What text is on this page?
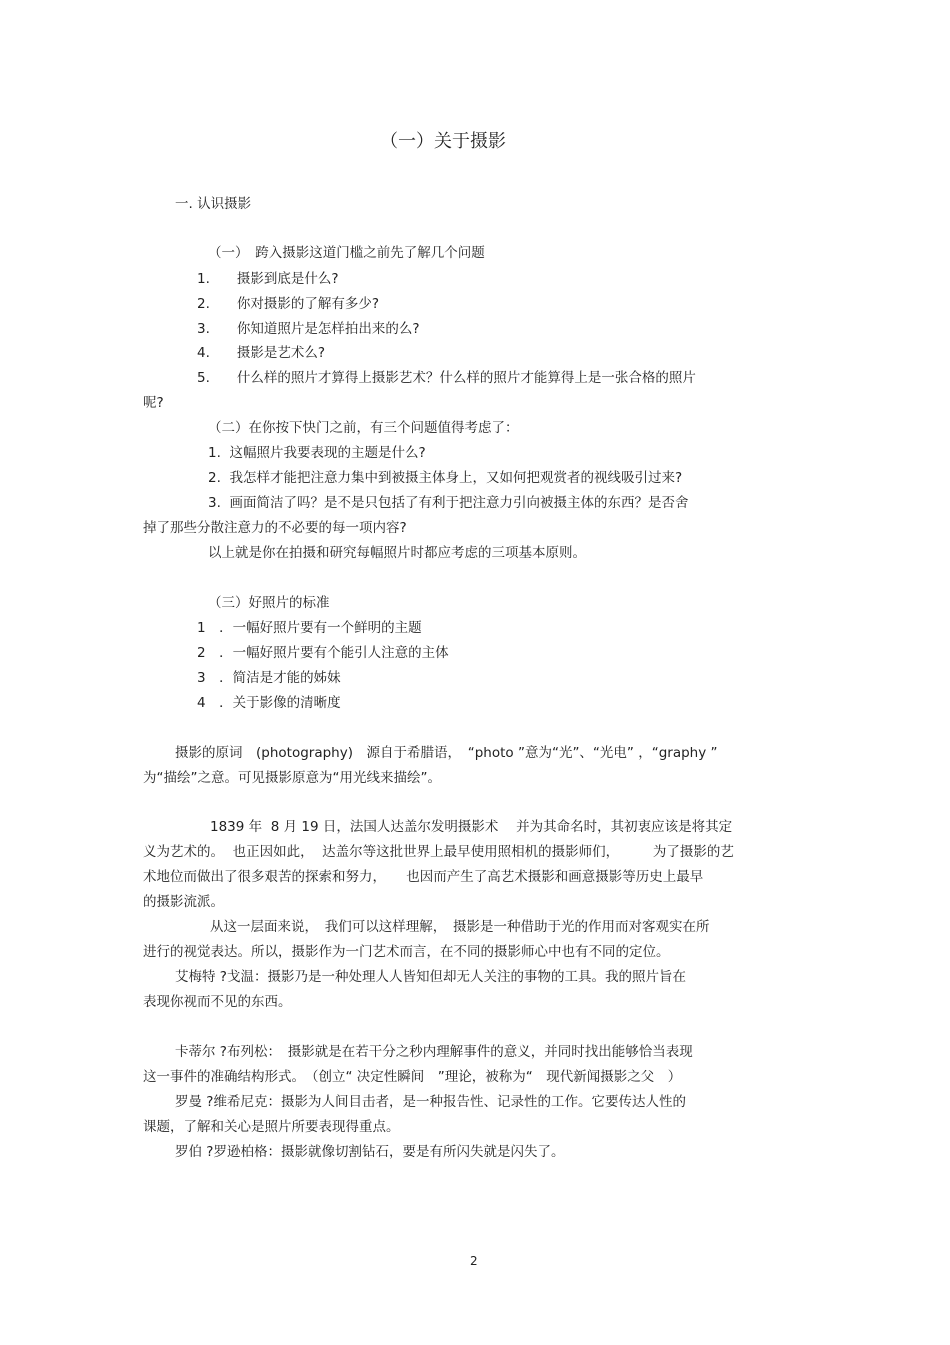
（一）关于摄影
一. 认识摄影
（一）　跨入摄影这道门槛之前先了解几个问题
1.　　摄影到底是什么?
2.　　你对摄影的了解有多少?
3.　　你知道照片是怎样拍出来的么?
4.　　摄影是艺术么?
5.　　什么样的照片才算得上摄影艺术？什么样的照片才能算得上是一张合格的照片
呢?
（二）在你按下快门之前，有三个问题值得考虑了：
1.  这幅照片我要表现的主题是什么?
2.  我怎样才能把注意力集中到被摄主体身上，又如何把观赏者的视线吸引过来?
3.  画面简洁了吗？是不是只包括了有利于把注意力引向被摄主体的东西？是否舍
掉了那些分散注意力的不必要的每一项内容?
以上就是你在拍摄和研究每幅照片时都应考虑的三项基本原则。
（三）好照片的标准
1　．一幅好照片要有一个鲜明的主题
2　．一幅好照片要有个能引人注意的主体
3　．简洁是才能的姊妹
4　．关于影像的清晰度
摄影的原词　(photography)　源自于希腊语，　“photo ”意为“光”、“光电” ，“graphy ”
为“描绘”之意。可见摄影原意为“用光线来描绘”。
1839 年  8 月 19 日，法国人达盖尔发明摄影术　 并为其命名时，其初衷应该是将其定
义为艺术的。  也正因如此，  达盖尔等这批世界上最早使用照相机的摄影师们，　　　为了摄影的艺
术地位而做出了很多艰苦的探索和努力，　　也因而产生了高艺术摄影和画意摄影等历史上最早
的摄影流派。
从这一层面来说，　我们可以这样理解，　摄影是一种借助于光的作用而对客观实在所
进行的视觉表达。所以，摄影作为一门艺术而言，在不同的摄影师心中也有不同的定位。
艾梅特 ?戈温：摄影乃是一种处理人人皆知但却无人关注的事物的工具。我的照片旨在
表现你视而不见的东西。
卡蒂尔 ?布列松：　摄影就是在若干分之秒内理解事件的意义，并同时找出能够恰当表现
这一事件的准确结构形式。　（创立“ 决定性瞬间　”理论，被称为“　现代新闻摄影之父　）
罗曼 ?维希尼克：摄影为人间目击者，是一种报告性、记录性的工作。它要传达人性的
课题，了解和关心是照片所要表现得重点。
罗伯 ?罗逊柏格：摄影就像切割钻石，要是有所闪失就是闪失了。
2
